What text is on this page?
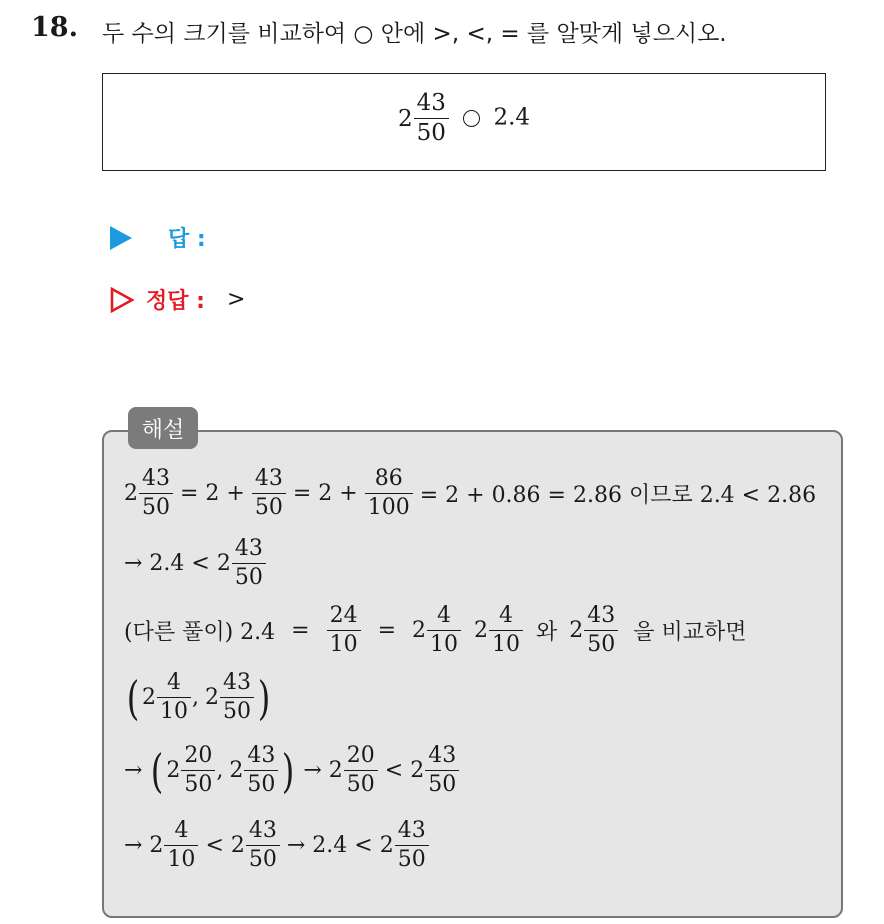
18. 두 수의 크기를 비교하여 ○ 안에 >, <, = 를 알맞게 넣으시오.
$2 \frac{43}{50} 2.4$
답 :
정답 : >
해설
$2 \frac{43}{50} = 2 + \frac{43}{50} = 2 + \frac{86}{100} = 2 + 0.86 = 2.86$ 이므로 2.4 < 2.86
→ $2.4 < 2 \frac{43}{50}$
(다른 풀이) $2.4 = \frac{24}{10} = 2 \frac{4}{10} 2 \frac{4}{10}$ 와 $2 \frac{43}{50}$ 을 비교하면
( $2 \frac{4}{10}$ , $2 \frac{43}{50}$ )
→ ( $2 \frac{20}{50}$ , $2 \frac{43}{50}$ ) → $2 \frac{20}{50} < 2 \frac{43}{50}$
→ $2 \frac{4}{10} < 2 \frac{43}{50} \to 2.4 < 2 \frac{43}{50}$
